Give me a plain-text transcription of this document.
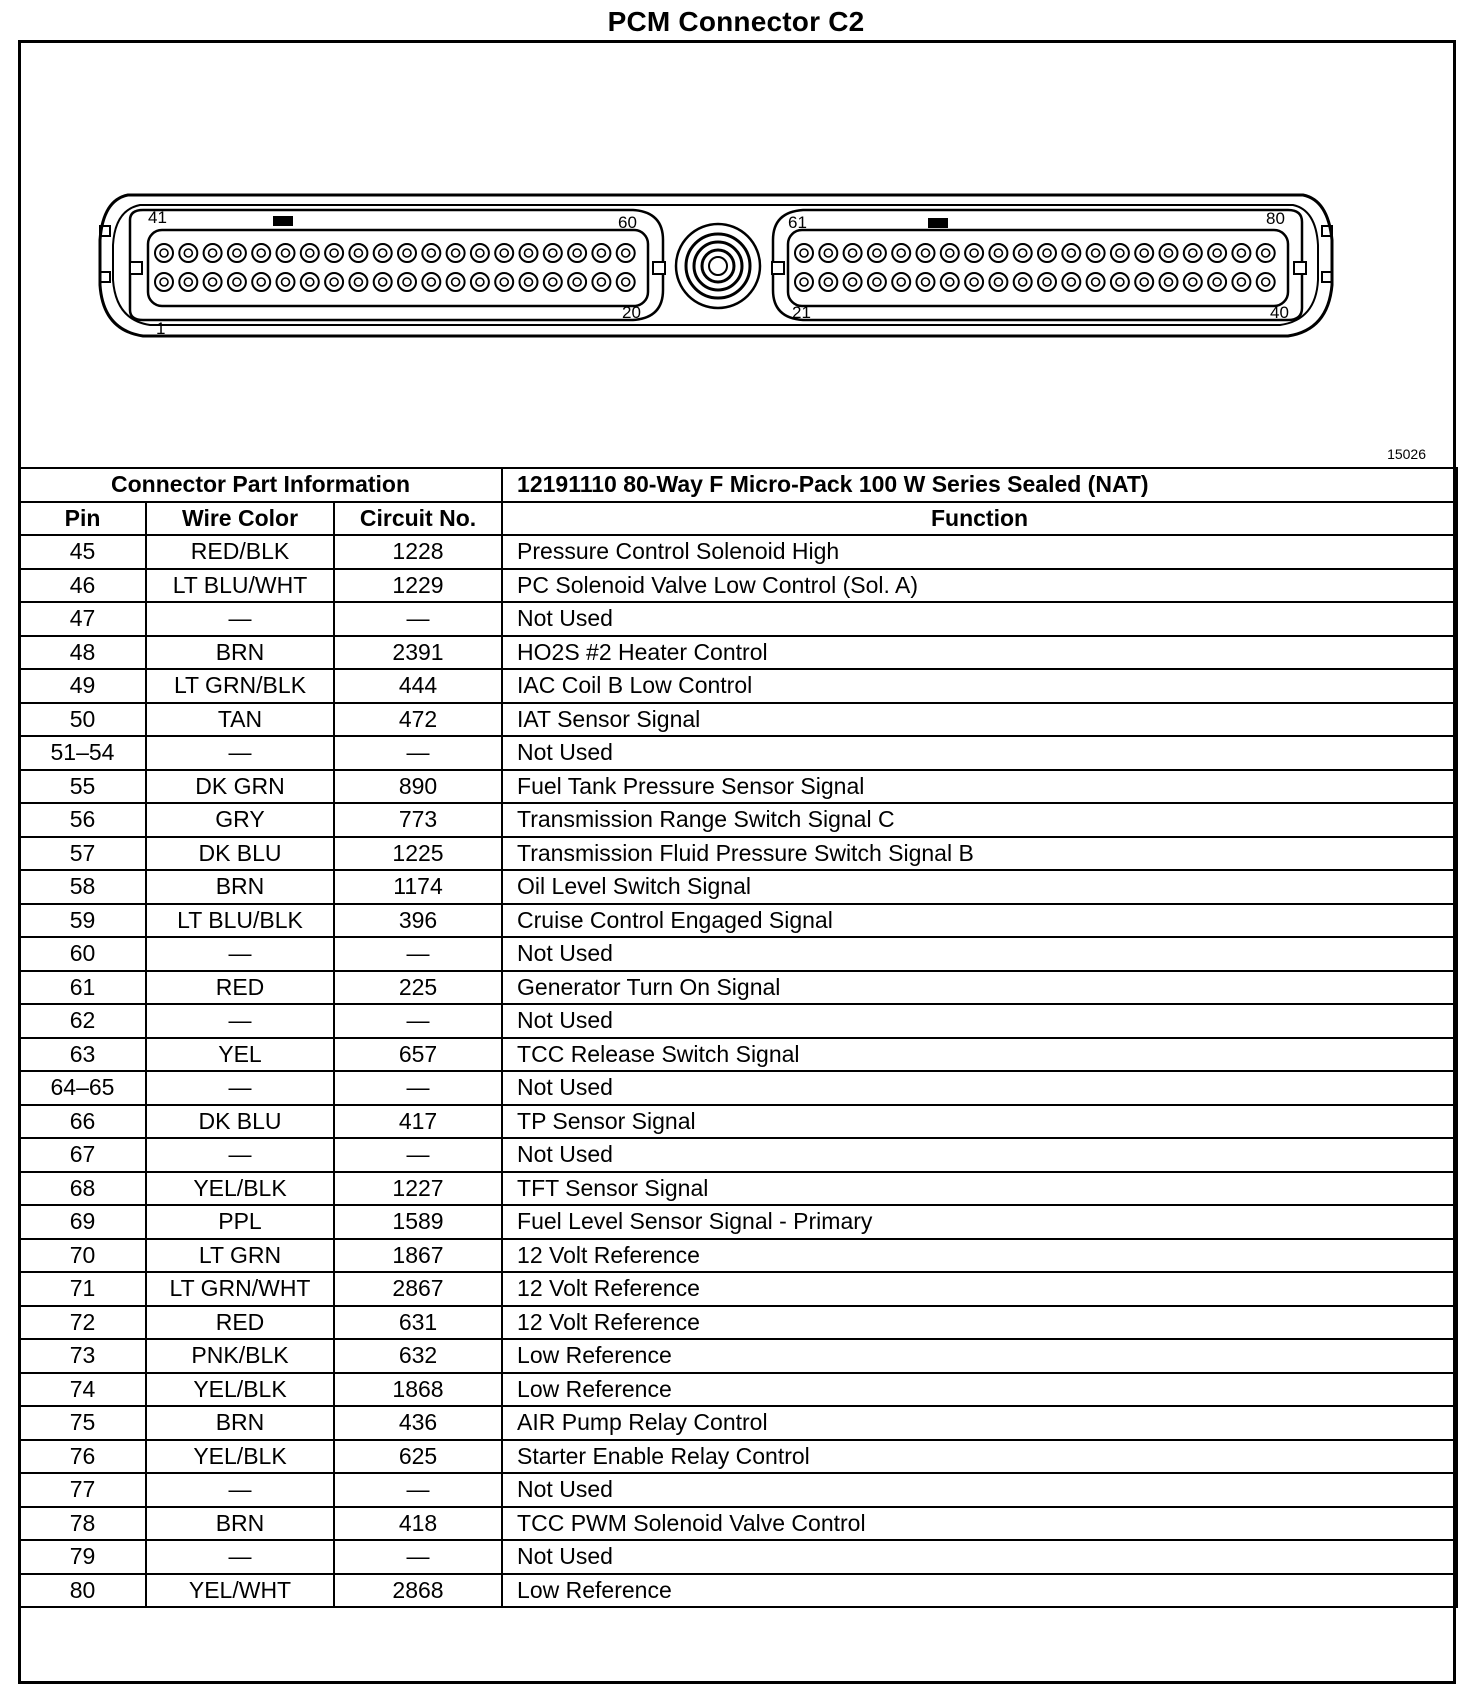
PCM Connector C2
41	60
1
20
61	80
21	40
15026
Connector Part Information			12191110 80-Way F Micro-Pack 100 W Series Sealed (NAT)
Pin	Wire Color	Circuit No.	Function
45	RED/BLK	1228	Pressure Control Solenoid High
46	LT BLU/WHT	1229	PC Solenoid Valve Low Control (Sol. A)
47	—	—	Not Used
48	BRN	2391	HO2S #2 Heater Control
49	LT GRN/BLK	444	IAC Coil B Low Control
50	TAN	472	IAT Sensor Signal
51–54	—	—	Not Used
55	DK GRN	890	Fuel Tank Pressure Sensor Signal
56	GRY	773	Transmission Range Switch Signal C
57	DK BLU	1225	Transmission Fluid Pressure Switch Signal B
58	BRN	1174	Oil Level Switch Signal
59	LT BLU/BLK	396	Cruise Control Engaged Signal
60	—	—	Not Used
61	RED	225	Generator Turn On Signal
62	—	—	Not Used
63	YEL	657	TCC Release Switch Signal
64–65	—	—	Not Used
66	DK BLU	417	TP Sensor Signal
67	—	—	Not Used
68	YEL/BLK	1227	TFT Sensor Signal
69	PPL	1589	Fuel Level Sensor Signal - Primary
70	LT GRN	1867	12 Volt Reference
71	LT GRN/WHT	2867	12 Volt Reference
72	RED	631	12 Volt Reference
73	PNK/BLK	632	Low Reference
74	YEL/BLK	1868	Low Reference
75	BRN	436	AIR Pump Relay Control
76	YEL/BLK	625	Starter Enable Relay Control
77	—	—	Not Used
78	BRN	418	TCC PWM Solenoid Valve Control
79	—	—	Not Used
80	YEL/WHT	2868	Low Reference
